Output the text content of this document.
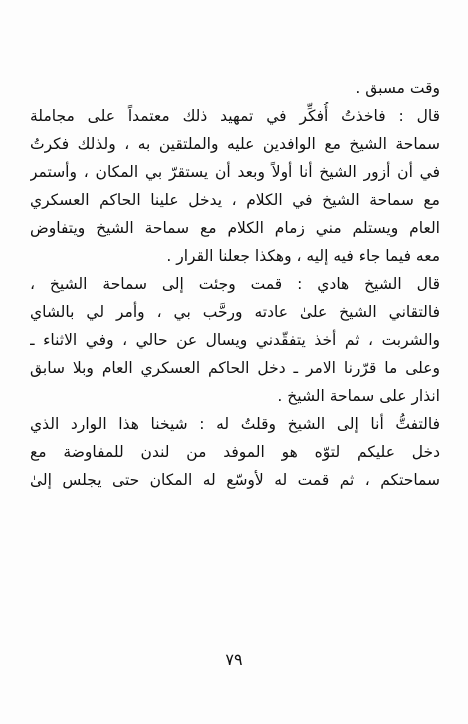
وقت مسبق .
قال : فاخذتُ أُفكِّر في تمهيد ذلك معتمداً على مجاملة
سماحة الشيخ مع الوافدين عليه والملتقين به ، ولذلك فكرتُ
في أن أزور الشيخ أنا أولاً وبعد أن يستقرّ بي المكان ، وأستمر
مع سماحة الشيخ في الكلام ، يدخل علينا الحاكم العسكري
العام ويستلم مني زمام الكلام مع سماحة الشيخ ويتفاوض
معه فيما جاء فيه إليه ، وهكذا جعلنا القرار .
قال الشيخ هادي : قمت وجئت إلى سماحة الشيخ ،
فالتقاني الشيخ علىٰ عادته ورحَّب بي ، وأمر لي بالشاي
والشربت ، ثم أخذ يتفقّدني ويسال عن حالي ، وفي الاثناء ـ
وعلى ما قرّرنا الامر ـ دخل الحاكم العسكري العام وبلا سابق
انذار على سماحة الشيخ .
فالتفتُّ أنا إلى الشيخ وقلتُ له : شيخنا هذا الوارد الذي
دخل عليكم لتوّه هو الموفد من لندن للمفاوضة مع
سماحتكم ، ثم قمت له لأوسّع له المكان حتى يجلس إلىٰ
٧٩
